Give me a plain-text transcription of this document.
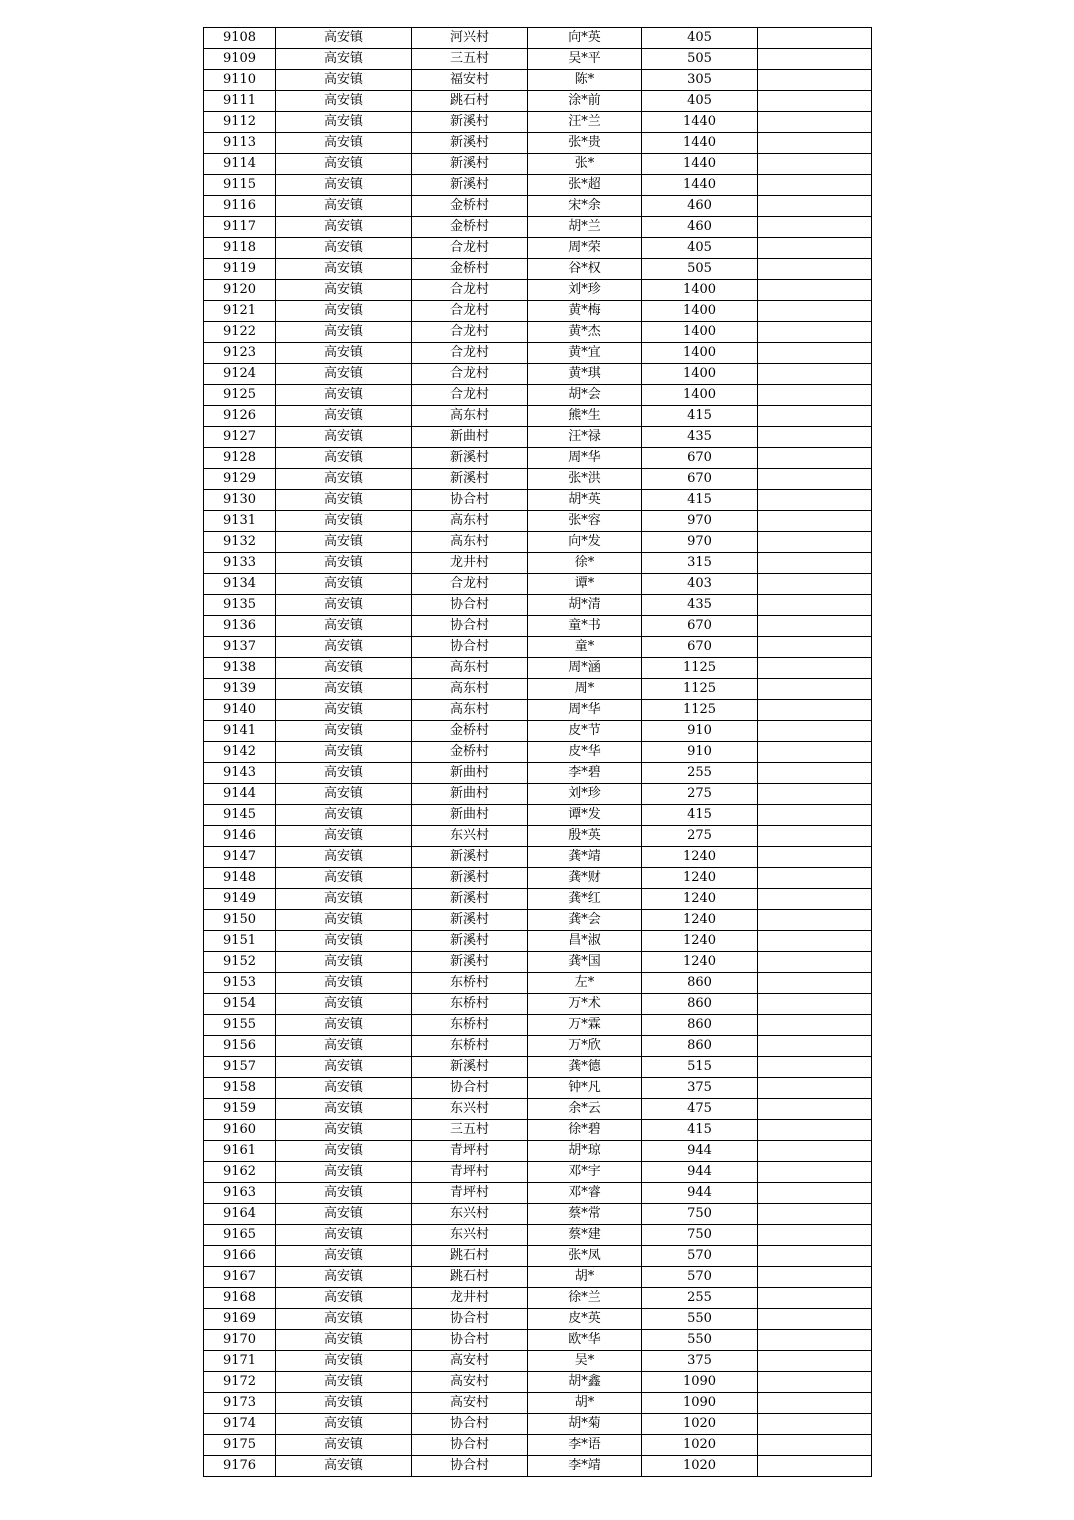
9108	高安镇	河兴村	向*英	405	
9109	高安镇	三五村	吴*平	505	
9110	高安镇	福安村	陈*	305	
9111	高安镇	跳石村	涂*前	405	
9112	高安镇	新溪村	汪*兰	1440	
9113	高安镇	新溪村	张*贵	1440	
9114	高安镇	新溪村	张*	1440	
9115	高安镇	新溪村	张*超	1440	
9116	高安镇	金桥村	宋*余	460	
9117	高安镇	金桥村	胡*兰	460	
9118	高安镇	合龙村	周*荣	405	
9119	高安镇	金桥村	谷*权	505	
9120	高安镇	合龙村	刘*珍	1400	
9121	高安镇	合龙村	黄*梅	1400	
9122	高安镇	合龙村	黄*杰	1400	
9123	高安镇	合龙村	黄*宜	1400	
9124	高安镇	合龙村	黄*琪	1400	
9125	高安镇	合龙村	胡*会	1400	
9126	高安镇	高东村	熊*生	415	
9127	高安镇	新曲村	汪*禄	435	
9128	高安镇	新溪村	周*华	670	
9129	高安镇	新溪村	张*洪	670	
9130	高安镇	协合村	胡*英	415	
9131	高安镇	高东村	张*容	970	
9132	高安镇	高东村	向*发	970	
9133	高安镇	龙井村	徐*	315	
9134	高安镇	合龙村	谭*	403	
9135	高安镇	协合村	胡*清	435	
9136	高安镇	协合村	童*书	670	
9137	高安镇	协合村	童*	670	
9138	高安镇	高东村	周*涵	1125	
9139	高安镇	高东村	周*	1125	
9140	高安镇	高东村	周*华	1125	
9141	高安镇	金桥村	皮*节	910	
9142	高安镇	金桥村	皮*华	910	
9143	高安镇	新曲村	李*碧	255	
9144	高安镇	新曲村	刘*珍	275	
9145	高安镇	新曲村	谭*发	415	
9146	高安镇	东兴村	殷*英	275	
9147	高安镇	新溪村	龚*靖	1240	
9148	高安镇	新溪村	龚*财	1240	
9149	高安镇	新溪村	龚*红	1240	
9150	高安镇	新溪村	龚*会	1240	
9151	高安镇	新溪村	昌*淑	1240	
9152	高安镇	新溪村	龚*国	1240	
9153	高安镇	东桥村	左*	860	
9154	高安镇	东桥村	万*术	860	
9155	高安镇	东桥村	万*霖	860	
9156	高安镇	东桥村	万*欣	860	
9157	高安镇	新溪村	龚*德	515	
9158	高安镇	协合村	钟*凡	375	
9159	高安镇	东兴村	余*云	475	
9160	高安镇	三五村	徐*碧	415	
9161	高安镇	青坪村	胡*琼	944	
9162	高安镇	青坪村	邓*宇	944	
9163	高安镇	青坪村	邓*睿	944	
9164	高安镇	东兴村	蔡*常	750	
9165	高安镇	东兴村	蔡*建	750	
9166	高安镇	跳石村	张*凤	570	
9167	高安镇	跳石村	胡*	570	
9168	高安镇	龙井村	徐*兰	255	
9169	高安镇	协合村	皮*英	550	
9170	高安镇	协合村	欧*华	550	
9171	高安镇	高安村	吴*	375	
9172	高安镇	高安村	胡*鑫	1090	
9173	高安镇	高安村	胡*	1090	
9174	高安镇	协合村	胡*菊	1020	
9175	高安镇	协合村	李*语	1020	
9176	高安镇	协合村	李*靖	1020	
